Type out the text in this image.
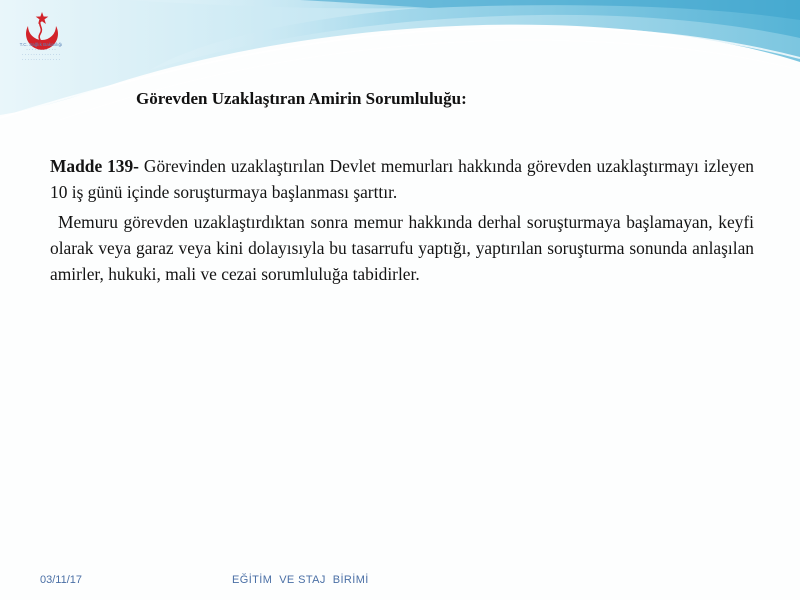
T.C. Sağlık Bakanlığı
· · · · · · · · · · ·
· · · · · · · · · · · · · ·
· · · · · · · · · · · · · ·
Görevden Uzaklaştıran Amirin Sorumluluğu:

Madde 139- Görevinden uzaklaştırılan Devlet memurları hakkında görevden uzaklaştırmayı izleyen 10 iş günü içinde soruşturmaya başlanması şarttır.

Memuru görevden uzaklaştırdıktan sonra memur hakkında derhal soruşturmaya başlamayan, keyfi olarak veya garaz veya kini dolayısıyla bu tasarrufu yaptığı, yaptırılan soruşturma sonunda anlaşılan amirler, hukuki, mali ve cezai sorumluluğa tabidirler.

03/11/17	EĞİTİM  VE STAJ  BİRİMİ
